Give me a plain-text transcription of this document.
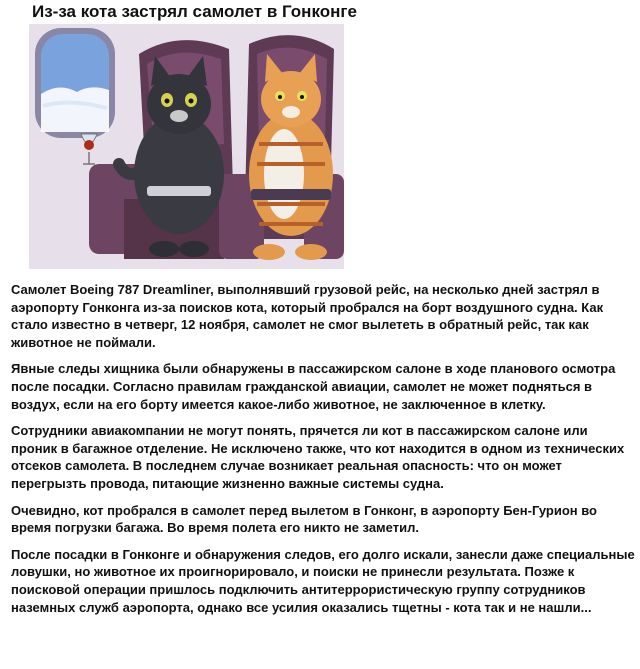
Из-за кота застрял самолет в Гонконге

Самолет Boeing 787 Dreamliner, выполнявший грузовой рейс, на несколько дней застрял в аэропорту Гонконга из-за поисков кота, который пробрался на борт воздушного судна. Как стало известно в четверг, 12 ноября, самолет не смог вылететь в обратный рейс, так как животное не поймали.

Явные следы хищника были обнаружены в пассажирском салоне в ходе планового осмотра после посадки. Согласно правилам гражданской авиации, самолет не может подняться в воздух, если на его борту имеется какое-либо животное, не заключенное в клетку.

Сотрудники авиакомпании не могут понять, прячется ли кот в пассажирском салоне или проник в багажное отделение. Не исключено также, что кот находится в одном из технических отсеков самолета. В последнем случае возникает реальная опасность: что он может перегрызть провода, питающие жизненно важные системы судна.

Очевидно, кот пробрался в самолет перед вылетом в Гонконг, в аэропорту Бен-Гурион во время погрузки багажа. Во время полета его никто не заметил.

После посадки в Гонконге и обнаружения следов, его долго искали, занесли даже специальные ловушки, но животное их проигнорировало, и поиски не принесли результата. Позже к поисковой операции пришлось подключить антитеррористическую группу сотрудников наземных служб аэропорта, однако все усилия оказались тщетны - кота так и не нашли...
